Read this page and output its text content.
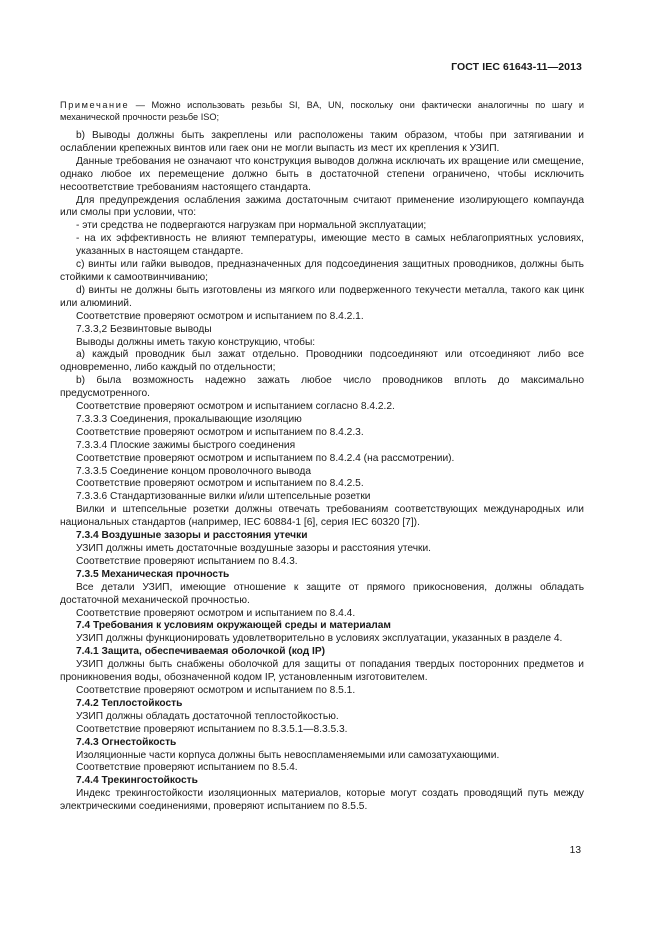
ГОСТ IEC 61643-11—2013

Примечание — Можно использовать резьбы SI, BA, UN, поскольку они фактически аналогичны по шагу и механической прочности резьбе ISO;

b) Выводы должны быть закреплены или расположены таким образом, чтобы при затягивании и ослаблении крепежных винтов или гаек они не могли выпасть из мест их крепления к УЗИП.

Данные требования не означают что конструкция выводов должна исключать их вращение или смещение, однако любое их перемещение должно быть в достаточной степени ограничено, чтобы исключить несоответствие требованиям настоящего стандарта.

Для предупреждения ослабления зажима достаточным считают применение изолирующего компаунда или смолы при условии, что:

- эти средства не подвергаются нагрузкам при нормальной эксплуатации;

- на их эффективность не влияют температуры, имеющие место в самых неблагоприятных условиях, указанных в настоящем стандарте.

c) винты или гайки выводов, предназначенных для подсоединения защитных проводников, должны быть стойкими к самоотвинчиванию;

d) винты не должны быть изготовлены из мягкого или подверженного текучести металла, такого как цинк или алюминий.

Соответствие проверяют осмотром и испытанием по 8.4.2.1.

7.3.3,2 Безвинтовые выводы

Выводы должны иметь такую конструкцию, чтобы:

а) каждый проводник был зажат отдельно. Проводники подсоединяют или отсоединяют либо все одновременно, либо каждый по отдельности;

b) была возможность надежно зажать любое число проводников вплоть до максимально предусмотренного.

Соответствие проверяют осмотром и испытанием согласно 8.4.2.2.

7.3.3.3 Соединения, прокалывающие изоляцию

Соответствие проверяют осмотром и испытанием по 8.4.2.3.

7.3.3.4 Плоские зажимы быстрого соединения

Соответствие проверяют осмотром и испытанием по 8.4.2.4 (на рассмотрении).

7.3.3.5 Соединение концом проволочного вывода

Соответствие проверяют осмотром и испытанием по 8.4.2.5.

7.3.3.6 Стандартизованные вилки и/или штепсельные розетки

Вилки и штепсельные розетки должны отвечать требованиям соответствующих международных или национальных стандартов (например, IEC 60884-1 [6], серия IEC 60320 [7]).

7.3.4 Воздушные зазоры и расстояния утечки

УЗИП должны иметь достаточные воздушные зазоры и расстояния утечки.

Соответствие проверяют испытанием по 8.4.3.

7.3.5 Механическая прочность

Все детали УЗИП, имеющие отношение к защите от прямого прикосновения, должны обладать достаточной механической прочностью.

Соответствие проверяют осмотром и испытанием по 8.4.4.

7.4 Требования к условиям окружающей среды и материалам

УЗИП должны функционировать удовлетворительно в условиях эксплуатации, указанных в разделе 4.

7.4.1 Защита, обеспечиваемая оболочкой (код IP)

УЗИП должны быть снабжены оболочкой для защиты от попадания твердых посторонних предметов и проникновения воды, обозначенной кодом IP, установленным изготовителем.

Соответствие проверяют осмотром и испытанием по 8.5.1.

7.4.2 Теплостойкость

УЗИП должны обладать достаточной теплостойкостью.

Соответствие проверяют испытанием по 8.3.5.1—8.3.5.3.

7.4.3 Огнестойкость

Изоляционные части корпуса должны быть невоспламеняемыми или самозатухающими.

Соответствие проверяют испытанием по 8.5.4.

7.4.4 Трекингостойкость

Индекс трекингостойкости изоляционных материалов, которые могут создать проводящий путь между электрическими соединениями, проверяют испытанием по 8.5.5.

13
